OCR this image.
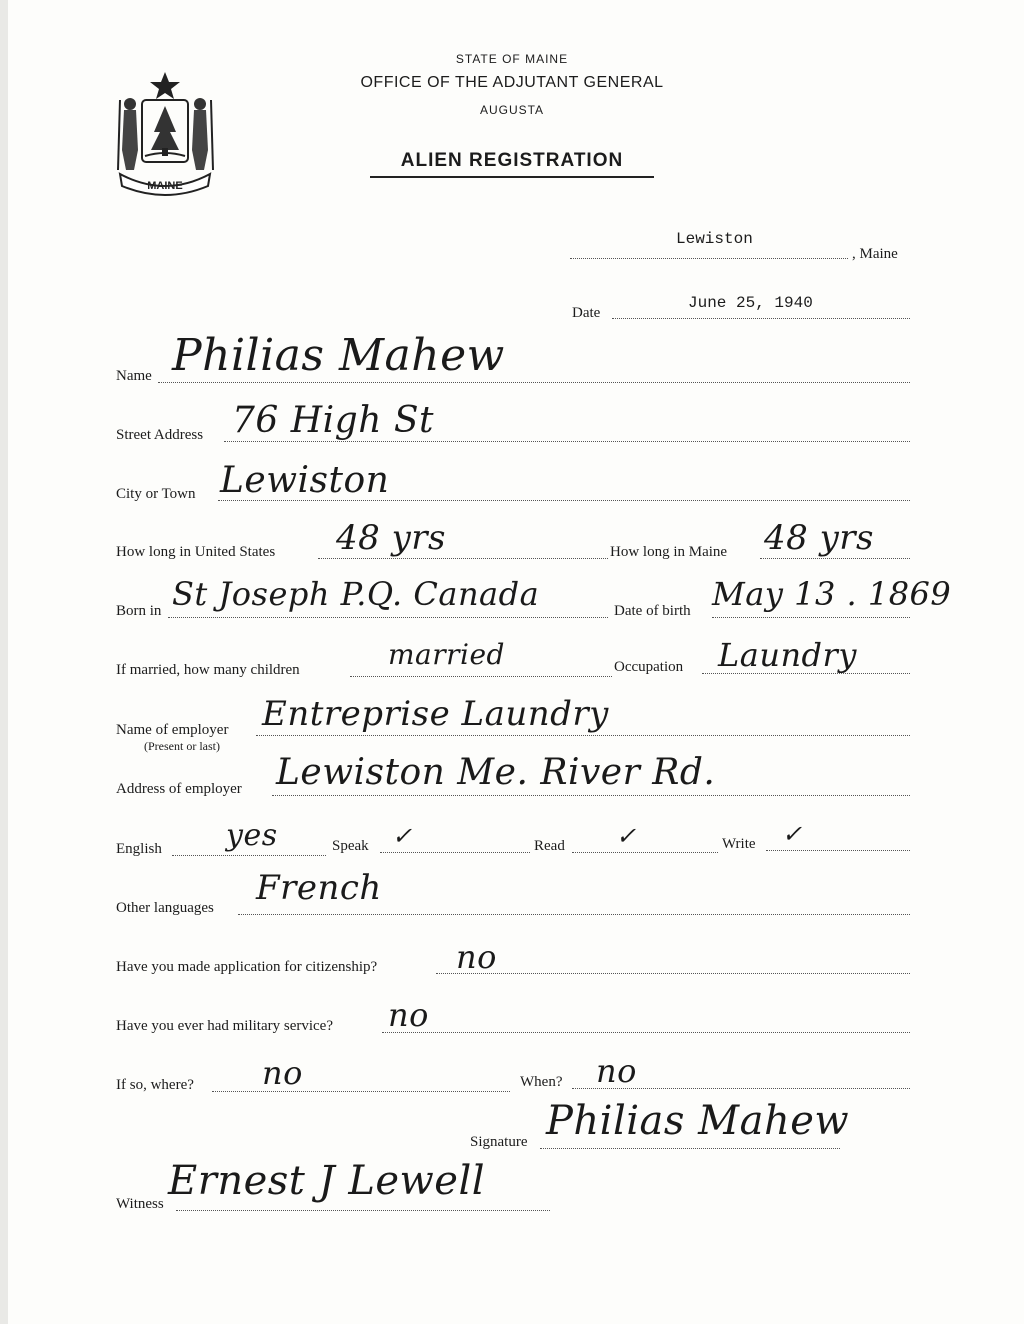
MAINE
STATE OF MAINE
OFFICE OF THE ADJUTANT GENERAL
AUGUSTA
ALIEN REGISTRATION
Lewiston
, Maine
Date
June 25, 1940
Name Philias Mahew
Street Address 76 High St
City or Town Lewiston
How long in United States 48 yrs	How long in Maine 48 yrs
Born in St Joseph P.Q. Canada	Date of birth May 13 . 1869
If married, how many children	married	Occupation Laundry
Name of employer
(Present or last)
Entreprise Laundry
Address of employer Lewiston Me. River Rd.
English yes	Speak ✓	Read ✓	Write ✓
Other languages French
Have you made application for citizenship? no
Have you ever had military service? no
If so, where? no	When? no
Signature Philias Mahew
Witness Ernest J Lewell
